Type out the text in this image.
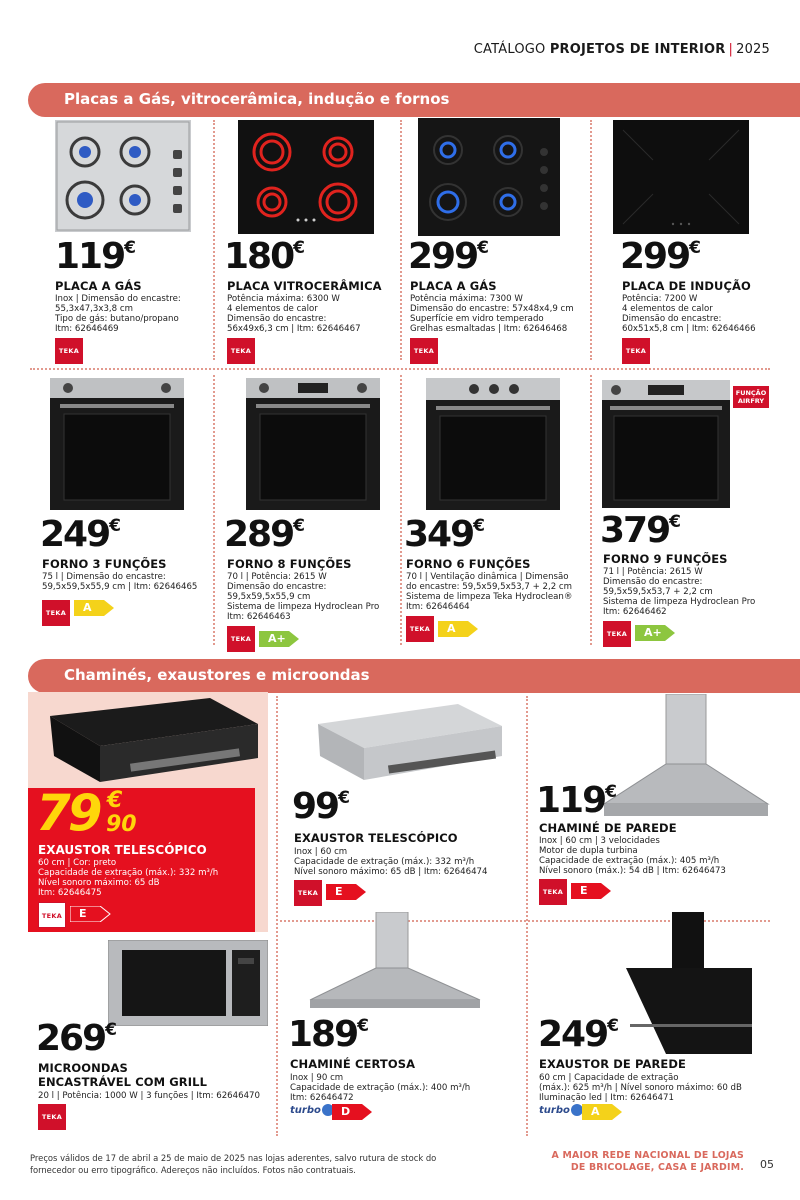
CATÁLOGO PROJETOS DE INTERIOR | 2025
Placas a Gás, vitrocerâmica, indução e fornos
119€
PLACA A GÁS
Inox | Dimensão do encastre:
55,3x47,3x3,8 cm
Tipo de gás: butano/propano
Itm: 62646469
TEKA
180€
PLACA VITROCERÂMICA
Potência máxima: 6300 W
4 elementos de calor
Dimensão do encastre:
56x49x6,3 cm | Itm: 62646467
TEKA
299€
PLACA A GÁS
Potência máxima: 7300 W
Dimensão do encastre: 57x48x4,9 cm
Superfície em vidro temperado
Grelhas esmaltadas | Itm: 62646468
TEKA
299€
PLACA DE INDUÇÃO
Potência: 7200 W
4 elementos de calor
Dimensão do encastre:
60x51x5,8 cm | Itm: 62646466
TEKA
249€
FORNO 3 FUNÇÕES
75 l | Dimensão do encastre:
59,5x59,5x55,9 cm | Itm: 62646465
TEKA	A
289€
FORNO 8 FUNÇÕES
70 l | Potência: 2615 W
Dimensão do encastre:
59,5x59,5x55,9 cm
Sistema de limpeza Hydroclean Pro
Itm: 62646463
TEKA	A+
349€
FORNO 6 FUNÇÕES
70 l | Ventilação dinâmica | Dimensão
do encastre: 59,5x59,5x53,7 + 2,2 cm
Sistema de limpeza Teka Hydroclean®
Itm: 62646464
TEKA	A
FUNÇÃO
AIRFRY
379€
FORNO 9 FUNÇÕES
71 l | Potência: 2615 W
Dimensão do encastre:
59,5x59,5x53,7 + 2,2 cm
Sistema de limpeza Hydroclean Pro
Itm: 62646462
TEKA	A+
Chaminés, exaustores e microondas
79 €
90
EXAUSTOR TELESCÓPICO
60 cm | Cor: preto
Capacidade de extração (máx.): 332 m³/h
Nível sonoro máximo: 65 dB
Itm: 62646475
TEKA	E
99€
EXAUSTOR TELESCÓPICO
Inox | 60 cm
Capacidade de extração (máx.): 332 m³/h
Nível sonoro máximo: 65 dB | Itm: 62646474
TEKA	E
119€
CHAMINÉ DE PAREDE
Inox | 60 cm | 3 velocidades
Motor de dupla turbina
Capacidade de extração (máx.): 405 m³/h
Nível sonoro (máx.): 54 dB | Itm: 62646473
TEKA	E
269€
MICROONDAS
ENCASTRÁVEL COM GRILL
20 l | Potência: 1000 W | 3 funções | Itm: 62646470
TEKA
189€
CHAMINÉ CERTOSA
Inox | 90 cm
Capacidade de extração (máx.): 400 m³/h
Itm: 62646472
turbo	D
249€
EXAUSTOR DE PAREDE
60 cm | Capacidade de extração
(máx.): 625 m³/h | Nível sonoro máximo: 60 dB
Iluminação led | Itm: 62646471
turbo	A
Preços válidos de 17 de abril a 25 de maio de 2025 nas lojas aderentes, salvo rutura de stock do
fornecedor ou erro tipográfico. Adereços não incluídos. Fotos não contratuais.
A MAIOR REDE NACIONAL DE LOJAS
DE BRICOLAGE, CASA E JARDIM. 05
